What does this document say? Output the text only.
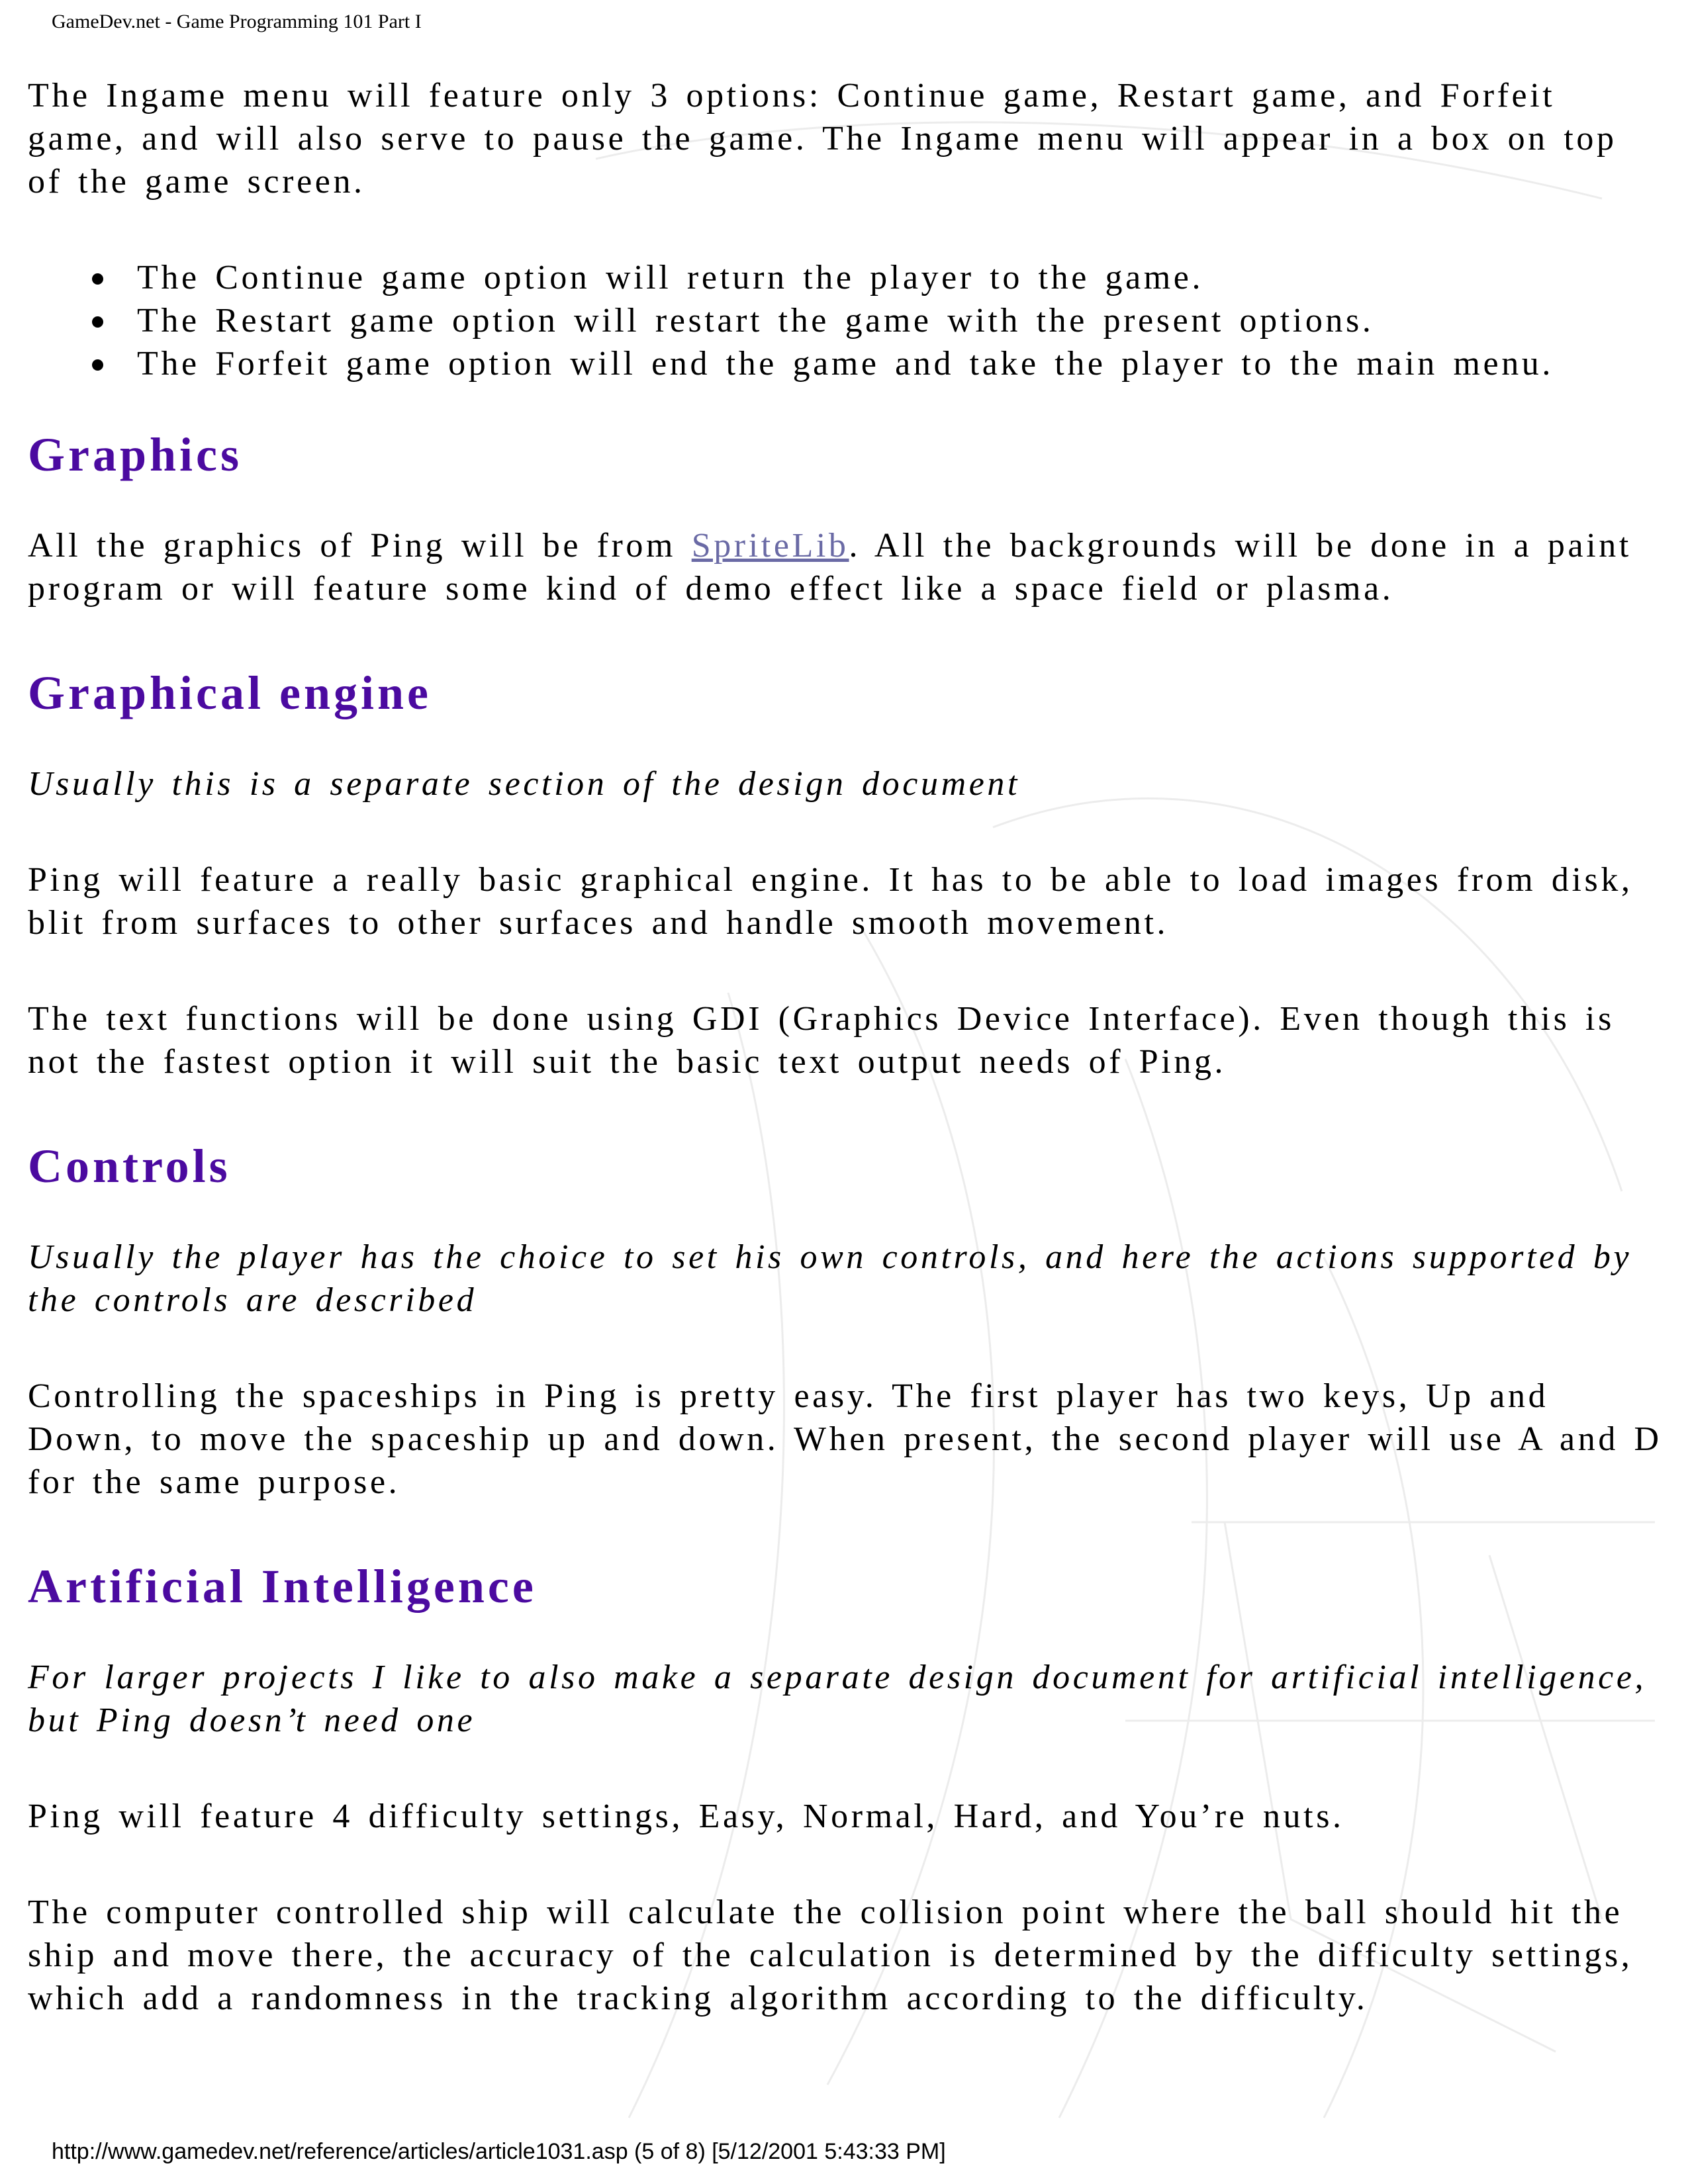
GameDev.net - Game Programming 101 Part I

The Ingame menu will feature only 3 options: Continue game, Restart game, and Forfeit game, and will also serve to pause the game. The Ingame menu will appear in a box on top of the game screen.

The Continue game option will return the player to the game.
The Restart game option will restart the game with the present options.
The Forfeit game option will end the game and take the player to the main menu.
Graphics

All the graphics of Ping will be from SpriteLib. All the backgrounds will be done in a paint program or will feature some kind of demo effect like a space field or plasma.

Graphical engine

Usually this is a separate section of the design document

Ping will feature a really basic graphical engine. It has to be able to load images from disk, blit from surfaces to other surfaces and handle smooth movement.

The text functions will be done using GDI (Graphics Device Interface). Even though this is not the fastest option it will suit the basic text output needs of Ping.

Controls

Usually the player has the choice to set his own controls, and here the actions supported by the controls are described

Controlling the spaceships in Ping is pretty easy. The first player has two keys, Up and Down, to move the spaceship up and down. When present, the second player will use A and D for the same purpose.

Artificial Intelligence

For larger projects I like to also make a separate design document for artificial intelligence, but Ping doesn’t need one

Ping will feature 4 difficulty settings, Easy, Normal, Hard, and You’re nuts.

The computer controlled ship will calculate the collision point where the ball should hit the ship and move there, the accuracy of the calculation is determined by the difficulty settings, which add a randomness in the tracking algorithm according to the difficulty.

http://www.gamedev.net/reference/articles/article1031.asp (5 of 8) [5/12/2001 5:43:33 PM]
